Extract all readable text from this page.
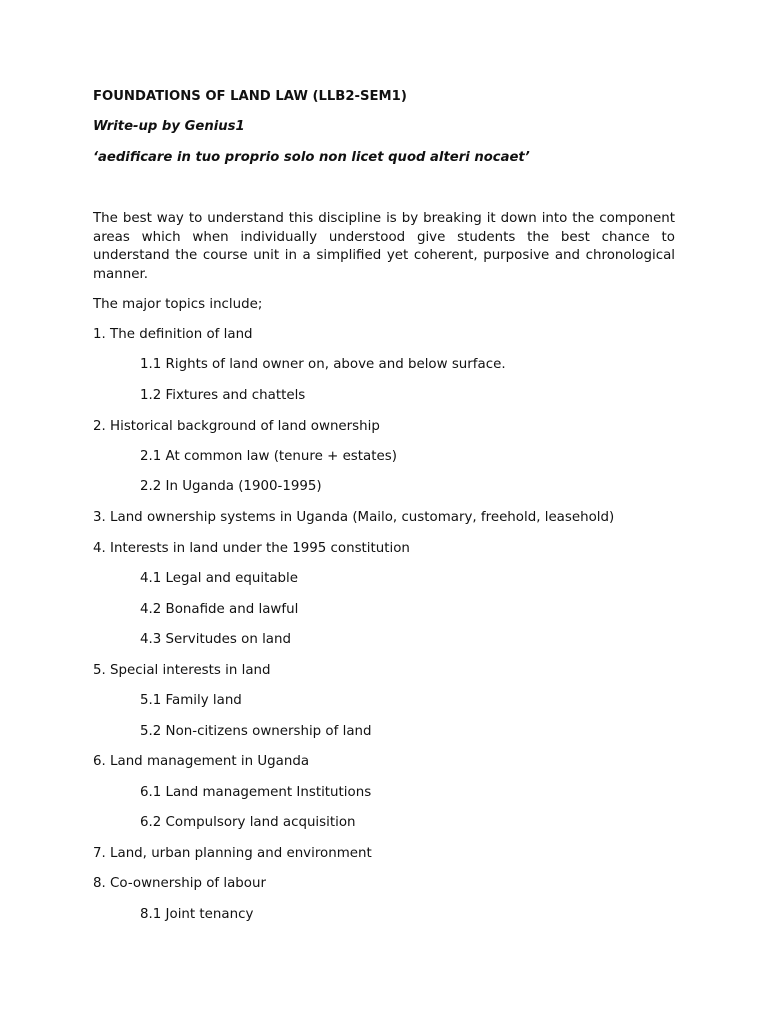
FOUNDATIONS OF LAND LAW (LLB2-SEM1)
Write-up by Genius1
‘aedificare in tuo proprio solo non licet quod alteri nocaet’
The best way to understand this discipline is by breaking it down into the component areas which when individually understood give students the best chance to understand the course unit in a simplified yet coherent, purposive and chronological manner.
The major topics include;
1. The definition of land
1.1 Rights of land owner on, above and below surface.
1.2 Fixtures and chattels
2. Historical background of land ownership
2.1 At common law (tenure + estates)
2.2 In Uganda (1900-1995)
3. Land ownership systems in Uganda (Mailo, customary, freehold, leasehold)
4. Interests in land under the 1995 constitution
4.1 Legal and equitable
4.2 Bonafide and lawful
4.3 Servitudes on land
5. Special interests in land
5.1 Family land
5.2 Non-citizens ownership of land
6. Land management in Uganda
6.1 Land management Institutions
6.2 Compulsory land acquisition
7. Land, urban planning and environment
8. Co-ownership of labour
8.1 Joint tenancy
